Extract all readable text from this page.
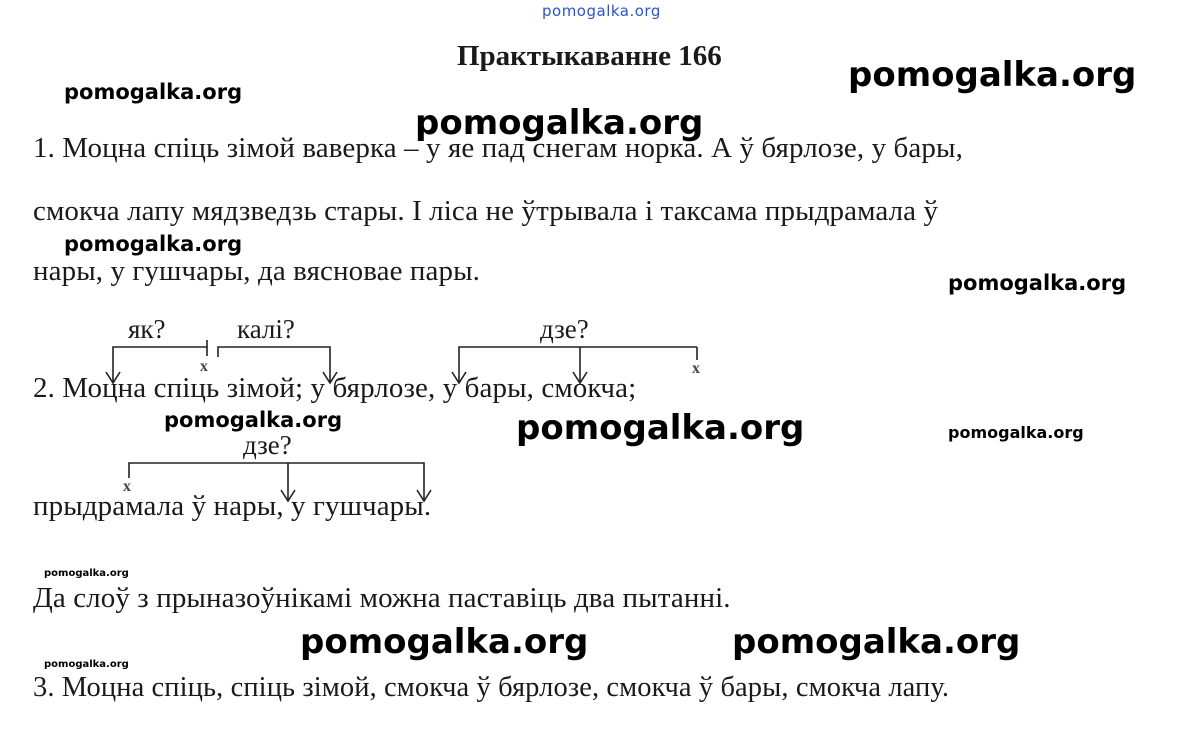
pomogalka.org
Практыкаванне 166
1. Моцна спіць зімой ваверка – у яе пад снегам норка. А ў бярлозе, у бары,
смокча лапу мядзведзь стары. І ліса не ўтрывала і таксама прыдрамала ў
нары, у гушчары, да вясновае пары.
як?	калі?	дзе?
x	x
2. Моцна спіць зімой; у бярлозе, у бары, смокча;
дзе?
x
прыдрамала ў нары, у гушчары.
Да слоў з прыназоўнікамі можна паставіць два пытанні.
3. Моцна спіць, спіць зімой, смокча ў бярлозе, смокча ў бары, смокча лапу.
pomogalka.org
pomogalka.org
pomogalka.org
pomogalka.org
pomogalka.org
pomogalka.org	pomogalka.org	pomogalka.org
pomogalka.org
pomogalka.org	pomogalka.org
pomogalka.org
